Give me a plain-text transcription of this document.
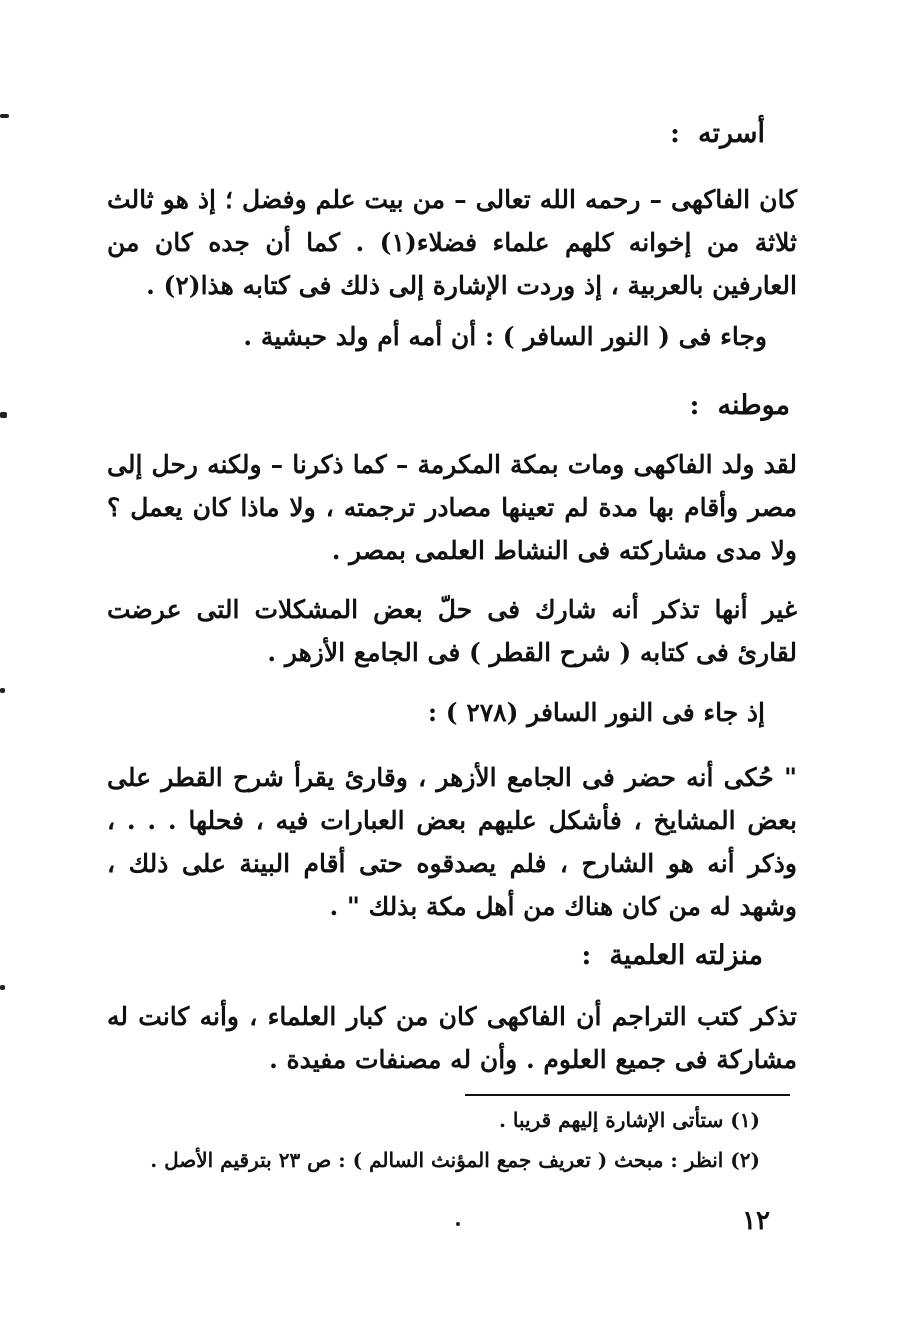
أسرته:
كان الفاكهى – رحمه الله تعالى – من بيت علم وفضل ؛ إذ هو ثالث ثلاثة من إخوانه كلهم علماء فضلاء(١) . كما أن جده كان من العارفين بالعربية ، إذ وردت الإشارة إلى ذلك فى كتابه هذا(٢) .
وجاء فى ( النور السافر ) : أن أمه أم ولد حبشية .
موطنه:
لقد ولد الفاكهى ومات بمكة المكرمة – كما ذكرنا – ولكنه رحل إلى مصر وأقام بها مدة لم تعينها مصادر ترجمته ، ولا ماذا كان يعمل ؟ ولا مدى مشاركته فى النشاط العلمى بمصر .
غير أنها تذكر أنه شارك فى حلّ بعض المشكلات التى عرضت لقارئ فى كتابه ( شرح القطر ) فى الجامع الأزهر .
إذ جاء فى النور السافر (٢٧٨ ) :
" حُكى أنه حضر فى الجامع الأزهر ، وقارئ يقرأ شرح القطر على بعض المشايخ ، فأشكل عليهم بعض العبارات فيه ، فحلها . . . ، وذكر أنه هو الشارح ، فلم يصدقوه حتى أقام البينة على ذلك ، وشهد له من كان هناك من أهل مكة بذلك " .
منزلته العلمية:
تذكر كتب التراجم أن الفاكهى كان من كبار العلماء ، وأنه كانت له مشاركة فى جميع العلوم . وأن له مصنفات مفيدة .
(١) ستأتى الإشارة إليهم قريبا .
(٢) انظر : مبحث ( تعريف جمع المؤنث السالم ) : ص ٢٣ بترقيم الأصل .
١٢
